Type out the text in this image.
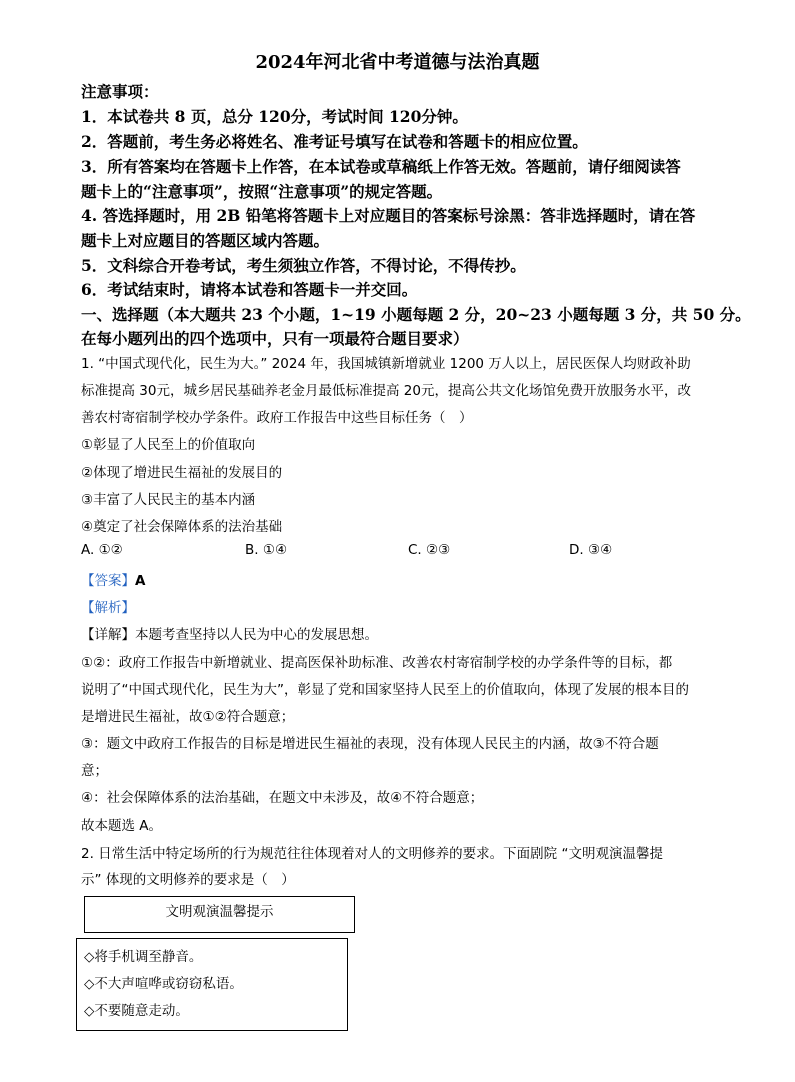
2024年河北省中考道德与法治真题
注意事项：
1．本试卷共 8 页，总分 120分，考试时间 120分钟。
2．答题前，考生务必将姓名、准考证号填写在试卷和答题卡的相应位置。
3．所有答案均在答题卡上作答，在本试卷或草稿纸上作答无效。答题前，请仔细阅读答
题卡上的“注意事项”，按照“注意事项”的规定答题。
4. 答选择题时，用 2B 铅笔将答题卡上对应题目的答案标号涂黑：答非选择题时，请在答
题卡上对应题目的答题区域内答题。
5．文科综合开卷考试，考生须独立作答，不得讨论，不得传抄。
6．考试结束时，请将本试卷和答题卡一并交回。
一、选择题（本大题共 23 个小题，1~19 小题每题 2 分，20~23 小题每题 3 分，共 50 分。
在每小题列出的四个选项中，只有一项最符合题目要求）
1. “中国式现代化，民生为大。” 2024 年，我国城镇新增就业 1200 万人以上，居民医保人均财政补助
标准提高 30元，城乡居民基础养老金月最低标准提高 20元，提高公共文化场馆免费开放服务水平，改
善农村寄宿制学校办学条件。政府工作报告中这些目标任务（　）
①彰显了人民至上的价值取向
②体现了增进民生福祉的发展目的
③丰富了人民民主的基本内涵
④奠定了社会保障体系的法治基础
A. ①②	B. ①④	C. ②③	D. ③④
【答案】A
【解析】
【详解】本题考查坚持以人民为中心的发展思想。
①②：政府工作报告中新增就业、提高医保补助标准、改善农村寄宿制学校的办学条件等的目标，都
说明了“中国式现代化，民生为大”，彰显了党和国家坚持人民至上的价值取向，体现了发展的根本目的
是增进民生福祉，故①②符合题意；
③：题文中政府工作报告的目标是增进民生福祉的表现，没有体现人民民主的内涵，故③不符合题
意；
④：社会保障体系的法治基础，在题文中未涉及，故④不符合题意；
故本题选 A。
2. 日常生活中特定场所的行为规范往往体现着对人的文明修养的要求。下面剧院 “文明观演温馨提
示” 体现的文明修养的要求是（　）
文明观演温馨提示
◇将手机调至静音。
◇不大声喧哗或窃窃私语。
◇不要随意走动。
